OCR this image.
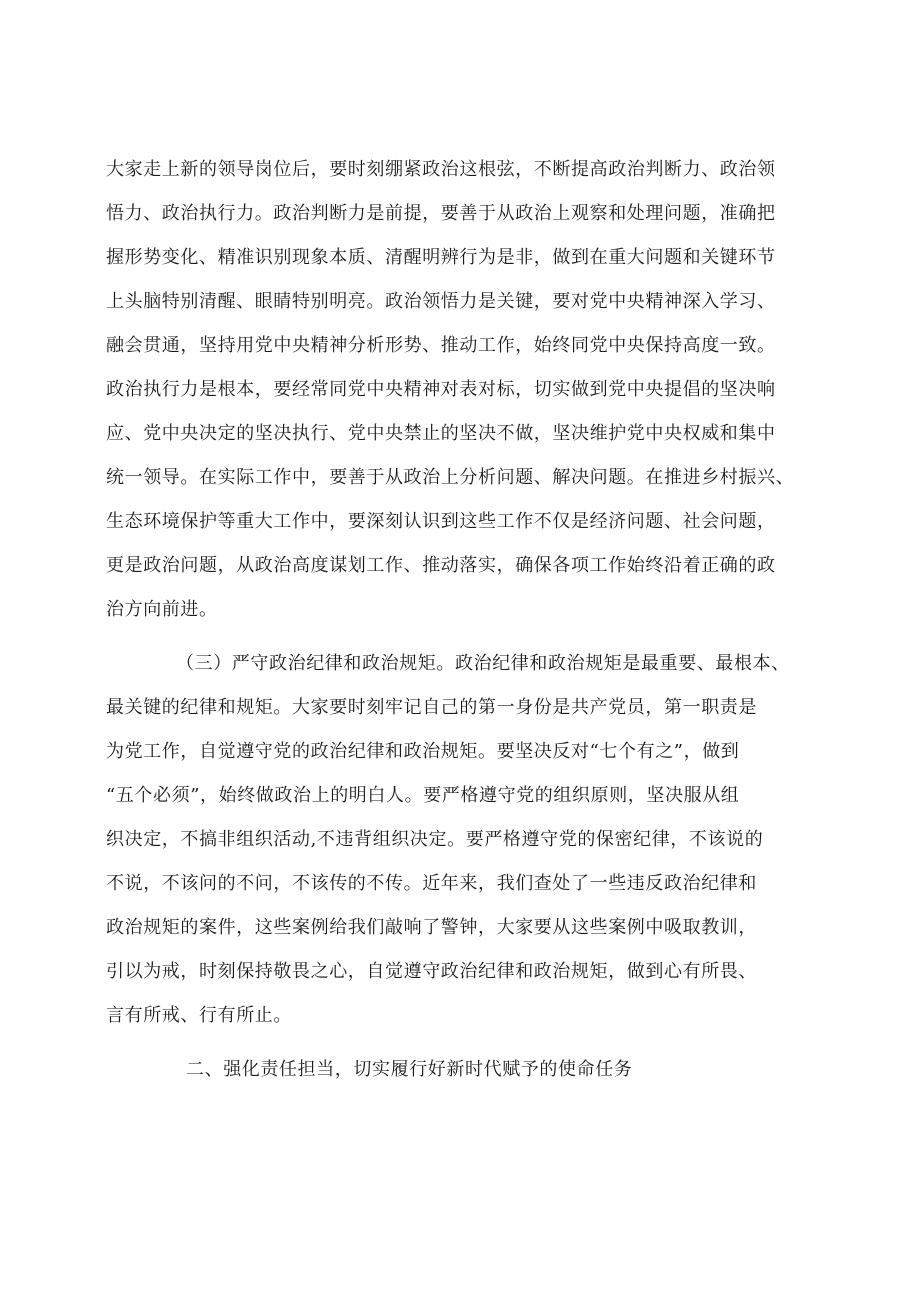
大家走上新的领导岗位后，要时刻绷紧政治这根弦，不断提高政治判断力、政治领
悟力、政治执行力。政治判断力是前提，要善于从政治上观察和处理问题，准确把
握形势变化、精准识别现象本质、清醒明辨行为是非，做到在重大问题和关键环节
上头脑特别清醒、眼睛特别明亮。政治领悟力是关键，要对党中央精神深入学习、
融会贯通，坚持用党中央精神分析形势、推动工作，始终同党中央保持高度一致。
政治执行力是根本，要经常同党中央精神对表对标，切实做到党中央提倡的坚决响
应、党中央决定的坚决执行、党中央禁止的坚决不做，坚决维护党中央权威和集中
统一领导。在实际工作中，要善于从政治上分析问题、解决问题。在推进乡村振兴、
生态环境保护等重大工作中，要深刻认识到这些工作不仅是经济问题、社会问题，
更是政治问题，从政治高度谋划工作、推动落实，确保各项工作始终沿着正确的政
治方向前进。
（三）严守政治纪律和政治规矩。政治纪律和政治规矩是最重要、最根本、
最关键的纪律和规矩。大家要时刻牢记自己的第一身份是共产党员，第一职责是
为党工作，自觉遵守党的政治纪律和政治规矩。要坚决反对“七个有之”，做到
“五个必须”，始终做政治上的明白人。要严格遵守党的组织原则，坚决服从组
织决定，不搞非组织活动,不违背组织决定。要严格遵守党的保密纪律，不该说的
不说，不该问的不问，不该传的不传。近年来，我们查处了一些违反政治纪律和
政治规矩的案件，这些案例给我们敲响了警钟，大家要从这些案例中吸取教训，
引以为戒，时刻保持敬畏之心，自觉遵守政治纪律和政治规矩，做到心有所畏、
言有所戒、行有所止。
二、强化责任担当，切实履行好新时代赋予的使命任务
